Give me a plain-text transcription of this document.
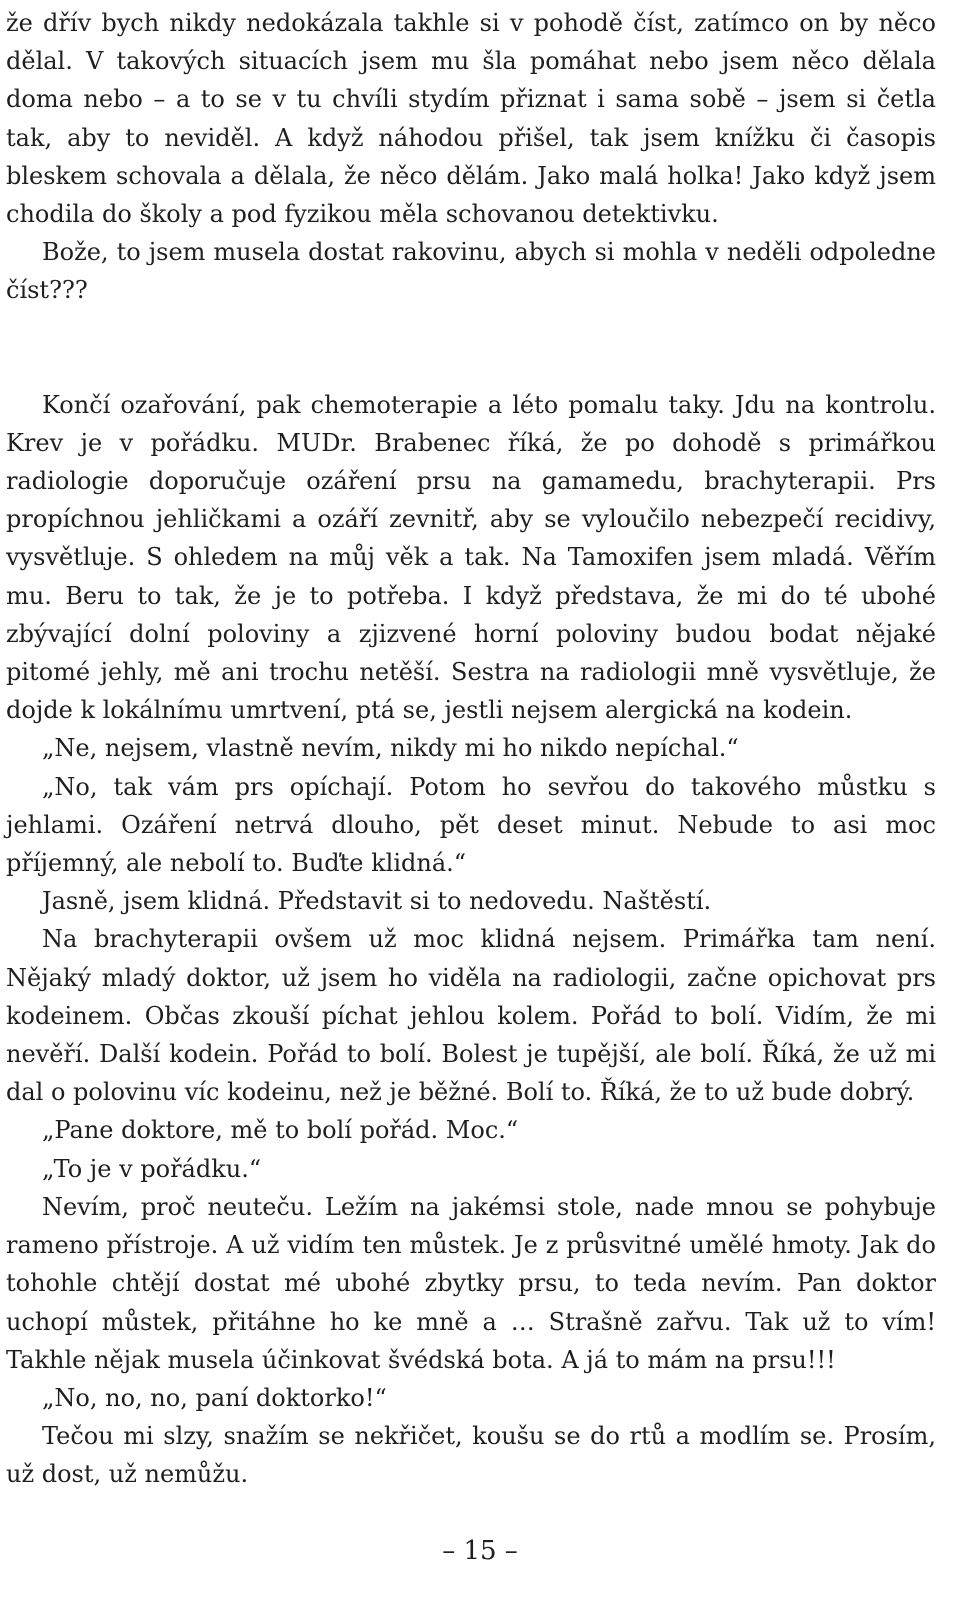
že dřív bych nikdy nedokázala takhle si v pohodě číst, zatímco on by něco dělal. V takových situacích jsem mu šla pomáhat nebo jsem něco dělala doma nebo – a to se v tu chvíli stydím přiznat i sama sobě – jsem si četla tak, aby to neviděl. A když náhodou přišel, tak jsem knížku či časopis bleskem schovala a dělala, že něco dělám. Jako malá holka! Jako když jsem chodila do školy a pod fyzikou měla schovanou detektivku.

Bože, to jsem musela dostat rakovinu, abych si mohla v neděli odpoledne číst???

Končí ozařování, pak chemoterapie a léto pomalu taky. Jdu na kontrolu. Krev je v pořádku. MUDr. Brabenec říká, že po dohodě s primářkou radiologie doporučuje ozáření prsu na gamamedu, brachyterapii. Prs propíchnou jehličkami a ozáří zevnitř, aby se vyloučilo nebezpečí recidivy, vysvětluje. S ohledem na můj věk a tak. Na Tamoxifen jsem mladá. Věřím mu. Beru to tak, že je to potřeba. I když představa, že mi do té ubohé zbývající dolní poloviny a zjizvené horní poloviny budou bodat nějaké pitomé jehly, mě ani trochu netěší. Sestra na radiologii mně vysvětluje, že dojde k lokálnímu umrtvení, ptá se, jestli nejsem alergická na kodein.

„Ne, nejsem, vlastně nevím, nikdy mi ho nikdo nepíchal.“

„No, tak vám prs opíchají. Potom ho sevřou do takového můstku s jehlami. Ozáření netrvá dlouho, pět deset minut. Nebude to asi moc příjemný, ale nebolí to. Buďte klidná.“

Jasně, jsem klidná. Představit si to nedovedu. Naštěstí.

Na brachyterapii ovšem už moc klidná nejsem. Primářka tam není. Nějaký mladý doktor, už jsem ho viděla na radiologii, začne opichovat prs kodeinem. Občas zkouší píchat jehlou kolem. Pořád to bolí. Vidím, že mi nevěří. Další kodein. Pořád to bolí. Bolest je tupější, ale bolí. Říká, že už mi dal o polovinu víc kodeinu, než je běžné. Bolí to. Říká, že to už bude dobrý.

„Pane doktore, mě to bolí pořád. Moc.“

„To je v pořádku.“

Nevím, proč neuteču. Ležím na jakémsi stole, nade mnou se pohybuje rameno přístroje. A už vidím ten můstek. Je z průsvitné umělé hmoty. Jak do tohohle chtějí dostat mé ubohé zbytky prsu, to teda nevím. Pan doktor uchopí můstek, přitáhne ho ke mně a … Strašně zařvu. Tak už to vím! Takhle nějak musela účinkovat švédská bota. A já to mám na prsu!!!

„No, no, no, paní doktorko!“

Tečou mi slzy, snažím se nekřičet, koušu se do rtů a modlím se. Prosím, už dost, už nemůžu.

– 15 –
